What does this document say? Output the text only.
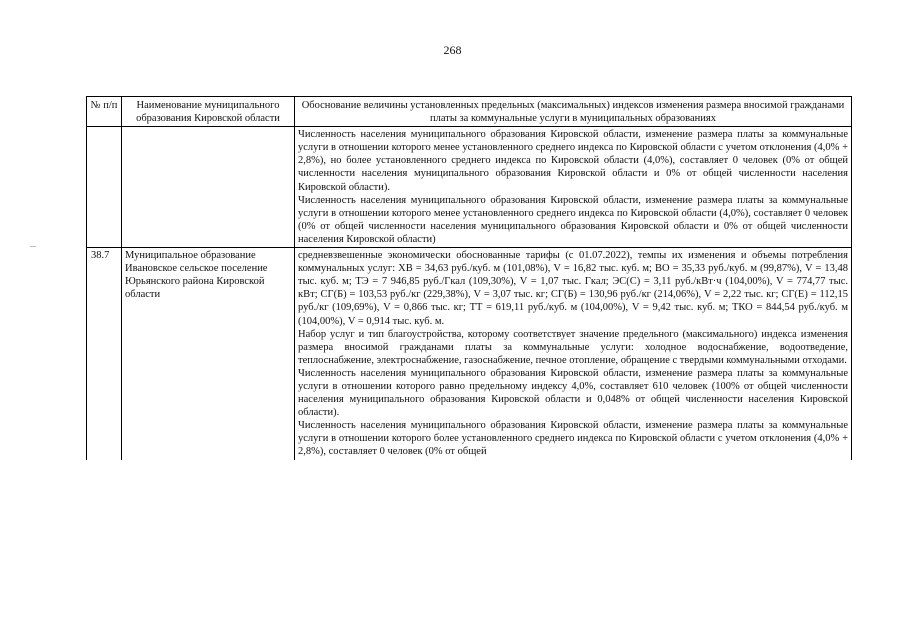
268
№ п/п	Наименование муниципального образования Кировской области	Обоснование величины установленных предельных (максимальных) индексов изменения размера вносимой гражданами платы за коммунальные услуги в муниципальных образованиях

		Численность населения муниципального образования Кировской области, изменение размера платы за коммунальные услуги в отношении которого менее установленного среднего индекса по Кировской области с учетом отклонения (4,0% + 2,8%), но более установленного среднего индекса по Кировской области (4,0%), составляет 0 человек (0% от общей численности населения муниципального образования Кировской области и 0% от общей численности населения Кировской области).

Численность населения муниципального образования Кировской области, изменение размера платы за коммунальные услуги в отношении которого менее установленного среднего индекса по Кировской области (4,0%), составляет 0 человек (0% от общей численности населения муниципального образования Кировской области и 0% от общей численности населения Кировской области)

38.7	Муниципальное образование Ивановское сельское поселение Юрьянского района Кировской области	средневзвешенные экономически обоснованные тарифы (с 01.07.2022), темпы их изменения и объемы потребления коммунальных услуг: ХВ = 34,63 руб./куб. м (101,08%), V = 16,82 тыс. куб. м; ВО = 35,33 руб./куб. м (99,87%), V = 13,48 тыс. куб. м; ТЭ = 7 946,85 руб./Гкал (109,30%), V = 1,07 тыс. Гкал; ЭС(С) = 3,11 руб./кВт·ч (104,00%), V = 774,77 тыс. кВт; СГ(Б) = 103,53 руб./кг (229,38%), V = 3,07 тыс. кг; СГ(Б) = 130,96 руб./кг (214,06%), V = 2,22 тыс. кг; СГ(Е) = 112,15 руб./кг (109,69%), V = 0,866 тыс. кг; ТТ = 619,11 руб./куб. м (104,00%), V = 9,42 тыс. куб. м; ТКО = 844,54 руб./куб. м (104,00%), V = 0,914 тыс. куб. м.

Набор услуг и тип благоустройства, которому соответствует значение предельного (максимального) индекса изменения размера вносимой гражданами платы за коммунальные услуги: холодное водоснабжение, водоотведение, теплоснабжение, электроснабжение, газоснабжение, печное отопление, обращение с твердыми коммунальными отходами.

Численность населения муниципального образования Кировской области, изменение размера платы за коммунальные услуги в отношении которого равно предельному индексу 4,0%, составляет 610 человек (100% от общей численности населения муниципального образования Кировской области и 0,048% от общей численности населения Кировской области).

Численность населения муниципального образования Кировской области, изменение размера платы за коммунальные услуги в отношении которого более установленного среднего индекса по Кировской области с учетом отклонения (4,0% + 2,8%), составляет 0 человек (0% от общей
